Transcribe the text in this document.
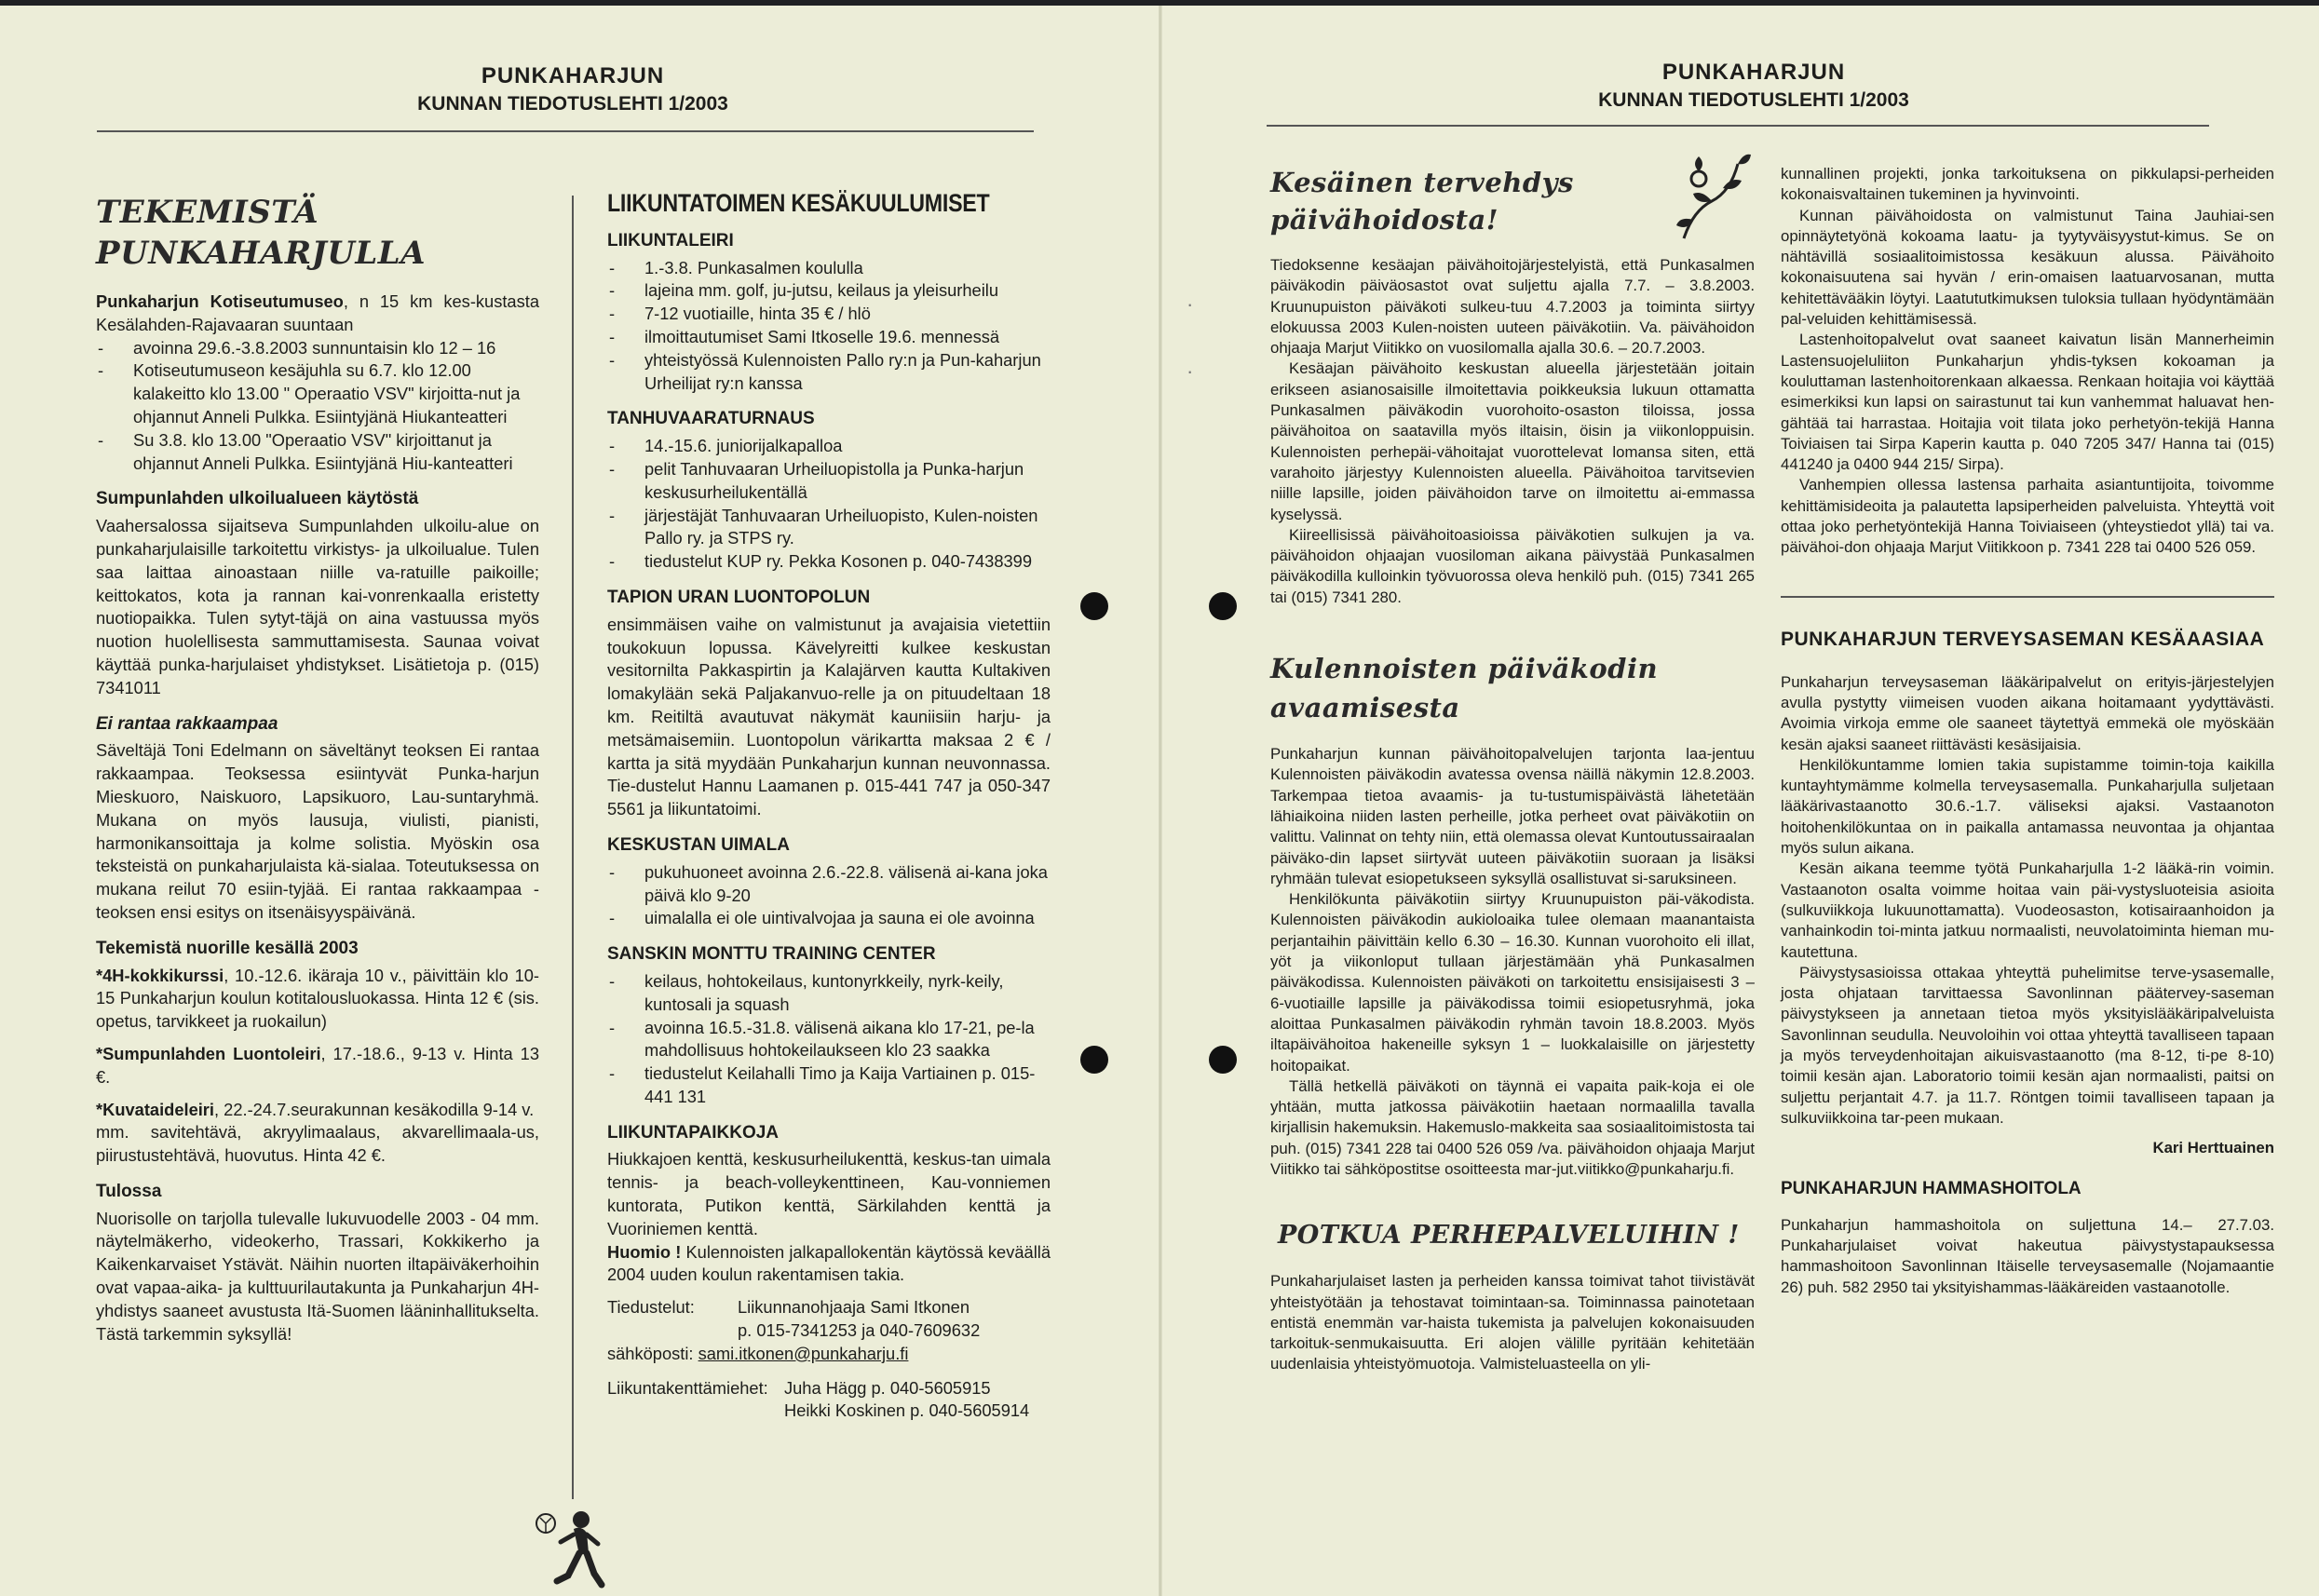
PUNKAHARJUN
KUNNAN TIEDOTUSLEHTI 1/2003
TEKEMISTÄ
PUNKAHARJULLA

Punkaharjun Kotiseutumuseo, n 15 km kes-kustasta Kesälahden-Rajavaaran suuntaan

- avoinna 29.6.-3.8.2003 sunnuntaisin klo 12 – 16
- Kotiseutumuseon kesäjuhla su 6.7. klo 12.00 kalakeitto klo 13.00 " Operaatio VSV" kirjoitta-nut ja ohjannut Anneli Pulkka. Esiintyjänä Hiukanteatteri
- Su 3.8. klo 13.00 "Operaatio VSV" kirjoittanut ja ohjannut Anneli Pulkka. Esiintyjänä Hiu-kanteatteri
Sumpunlahden ulkoilualueen käytöstä

Vaahersalossa sijaitseva Sumpunlahden ulkoilu-alue on punkaharjulaisille tarkoitettu virkistys- ja ulkoilualue. Tulen saa laittaa ainoastaan niille va-ratuille paikoille; keittokatos, kota ja rannan kai-vonrenkaalla eristetty nuotiopaikka. Tulen sytyt-täjä on aina vastuussa myös nuotion huolellisesta sammuttamisesta. Saunaa voivat käyttää punka-harjulaiset yhdistykset. Lisätietoja p. (015) 7341011

Ei rantaa rakkaampaa

Säveltäjä Toni Edelmann on säveltänyt teoksen Ei rantaa rakkaampaa. Teoksessa esiintyvät Punka-harjun Mieskuoro, Naiskuoro, Lapsikuoro, Lau-suntaryhmä. Mukana on myös lausuja, viulisti, pianisti, harmonikansoittaja ja kolme solistia. Myöskin osa teksteistä on punkaharjulaista kä-sialaa. Toteutuksessa on mukana reilut 70 esiin-tyjää. Ei rantaa rakkaampaa -teoksen ensi esitys on itsenäisyyspäivänä.

Tekemistä nuorille kesällä 2003

*4H-kokkikurssi, 10.-12.6. ikäraja 10 v., päivittäin klo 10-15 Punkaharjun koulun kotitalousluokassa. Hinta 12 € (sis. opetus, tarvikkeet ja ruokailun)

*Sumpunlahden Luontoleiri, 17.-18.6., 9-13 v. Hinta 13 €.

*Kuvataideleiri, 22.-24.7.seurakunnan kesäkodilla 9-14 v.

mm. savitehtävä, akryylimaalaus, akvarellimaala-us, piirustustehtävä, huovutus. Hinta 42 €.

Tulossa

Nuorisolle on tarjolla tulevalle lukuvuodelle 2003 - 04 mm. näytelmäkerho, videokerho, Trassari, Kokkikerho ja Kaikenkarvaiset Ystävät. Näihin nuorten iltapäiväkerhoihin ovat vapaa-aika- ja kulttuurilautakunta ja Punkaharjun 4H-yhdistys saaneet avustusta Itä-Suomen lääninhallitukselta. Tästä tarkemmin syksyllä!

LIIKUNTATOIMEN KESÄKUULUMISET
LIIKUNTALEIRI
- 1.-3.8. Punkasalmen koululla
- lajeina mm. golf, ju-jutsu, keilaus ja yleisurheilu
- 7-12 vuotiaille, hinta 35 € / hlö
- ilmoittautumiset Sami Itkoselle 19.6. mennessä
- yhteistyössä Kulennoisten Pallo ry:n ja Pun-kaharjun Urheilijat ry:n kanssa
TANHUVAARATURNAUS
- 14.-15.6. juniorijalkapalloa
- pelit Tanhuvaaran Urheiluopistolla ja Punka-harjun keskusurheilukentällä
- järjestäjät Tanhuvaaran Urheiluopisto, Kulen-noisten Pallo ry. ja STPS ry.
- tiedustelut KUP ry. Pekka Kosonen p. 040-7438399
TAPION URAN LUONTOPOLUN

ensimmäisen vaihe on valmistunut ja avajaisia vietettiin toukokuun lopussa. Kävelyreitti kulkee keskustan vesitornilta Pakkaspirtin ja Kalajärven kautta Kultakiven lomakylään sekä Paljakanvuo-relle ja on pituudeltaan 18 km. Reitiltä avautuvat näkymät kauniisiin harju- ja metsämaisemiin. Luontopolun värikartta maksaa 2 € / kartta ja sitä myydään Punkaharjun kunnan neuvonnassa. Tie-dustelut Hannu Laamanen p. 015-441 747 ja 050-347 5561 ja liikuntatoimi.

KESKUSTAN UIMALA
- pukuhuoneet avoinna 2.6.-22.8. välisenä ai-kana joka päivä klo 9-20
- uimalalla ei ole uintivalvojaa ja sauna ei ole avoinna
SANSKIN MONTTU TRAINING CENTER
- keilaus, hohtokeilaus, kuntonyrkkeily, nyrk-keily, kuntosali ja squash
- avoinna 16.5.-31.8. välisenä aikana klo 17-21, pe-la mahdollisuus hohtokeilaukseen klo 23 saakka
- tiedustelut Keilahalli Timo ja Kaija Vartiainen p. 015-441 131
LIIKUNTAPAIKKOJA

Hiukkajoen kenttä, keskusurheilukenttä, keskus-tan uimala tennis- ja beach-volleykenttineen, Kau-vonniemen kuntorata, Putikon kenttä, Särkilahden kenttä ja Vuoriniemen kenttä.

Huomio ! Kulennoisten jalkapallokentän käytössä keväällä 2004 uuden koulun rakentamisen takia.

Tiedustelut:	Liikunnanohjaaja Sami Itkonen
p. 015-7341253 ja 040-7609632
sähköposti: sami.itkonen@punkaharju.fi
Liikuntakenttämiehet: Juha Hägg p. 040-5605915
Heikki Koskinen p. 040-5605914
PUNKAHARJUN
KUNNAN TIEDOTUSLEHTI 1/2003
Kesäinen tervehdys
päivähoidosta!

Tiedoksenne kesäajan päivähoitojärjestelyistä, että Punkasalmen päiväkodin päiväosastot ovat suljettu ajalla 7.7. – 3.8.2003. Kruunupuiston päiväkoti sulkeu-tuu 4.7.2003 ja toiminta siirtyy elokuussa 2003 Kulen-noisten uuteen päiväkotiin. Va. päivähoidon ohjaaja Marjut Viitikko on vuosilomalla ajalla 30.6. – 20.7.2003.

Kesäajan päivähoito keskustan alueella järjestetään joitain erikseen asianosaisille ilmoitettavia poikkeuksia lukuun ottamatta Punkasalmen päiväkodin vuorohoito-osaston tiloissa, jossa päivähoitoa on saatavilla myös iltaisin, öisin ja viikonloppuisin. Kulennoisten perhepäi-vähoitajat vuorottelevat lomansa siten, että varahoito järjestyy Kulennoisten alueella. Päivähoitoa tarvitsevien niille lapsille, joiden päivähoidon tarve on ilmoitettu ai-emmassa kyselyssä.

Kiireellisissä päivähoitoasioissa päiväkotien sulkujen ja va. päivähoidon ohjaajan vuosiloman aikana päivystää Punkasalmen päiväkodilla kulloinkin työvuorossa oleva henkilö puh. (015) 7341 265 tai (015) 7341 280.

Kulennoisten päiväkodin
avaamisesta

Punkaharjun kunnan päivähoitopalvelujen tarjonta laa-jentuu Kulennoisten päiväkodin avatessa ovensa näillä näkymin 12.8.2003. Tarkempaa tietoa avaamis- ja tu-tustumispäivästä lähetetään lähiaikoina niiden lasten perheille, jotka perheet ovat päiväkotiin on valittu. Valinnat on tehty niin, että olemassa olevat Kuntoutussairaalan päiväko-din lapset siirtyvät uuteen päiväkotiin suoraan ja lisäksi ryhmään tulevat esiopetukseen syksyllä osallistuvat si-saruksineen.

Henkilökunta päiväkotiin siirtyy Kruunupuiston päi-väkodista. Kulennoisten päiväkodin aukioloaika tulee olemaan maanantaista perjantaihin päivittäin kello 6.30 – 16.30. Kunnan vuorohoito eli illat, yöt ja viikonloput tullaan järjestämään yhä Punkasalmen päiväkodissa. Kulennoisten päiväkoti on tarkoitettu ensisijaisesti 3 – 6-vuotiaille lapsille ja päiväkodissa toimii esiopetusryhmä, joka aloittaa Punkasalmen päiväkodin ryhmän tavoin 18.8.2003. Myös iltapäivähoitoa hakeneille syksyn 1 – luokkalaisille on järjestetty hoitopaikat.

Tällä hetkellä päiväkoti on täynnä ei vapaita paik-koja ei ole yhtään, mutta jatkossa päiväkotiin haetaan normaalilla tavalla kirjallisin hakemuksin. Hakemuslo-makkeita saa sosiaalitoimistosta tai puh. (015) 7341 228 tai 0400 526 059 /va. päivähoidon ohjaaja Marjut Viitikko tai sähköpostitse osoitteesta mar-jut.viitikko@punkaharju.fi.

POTKUA PERHEPALVELUIHIN !

Punkaharjulaiset lasten ja perheiden kanssa toimivat tahot tiivistävät yhteistyötään ja tehostavat toimintaan-sa. Toiminnassa painotetaan entistä enemmän var-haista tukemista ja palvelujen kokonaisuuden tarkoituk-senmukaisuutta. Eri alojen välille pyritään kehitetään uudenlaisia yhteistyömuotoja. Valmisteluasteella on yli-

·
·

kunnallinen projekti, jonka tarkoituksena on pikkulapsi-perheiden kokonaisvaltainen tukeminen ja hyvinvointi.

Kunnan päivähoidosta on valmistunut Taina Jauhiai-sen opinnäytetyönä kokoama laatu- ja tyytyväisyystut-kimus. Se on nähtävillä sosiaalitoimistossa kesäkuun alussa. Päivähoito kokonaisuutena sai hyvän / erin-omaisen laatuarvosanan, mutta kehitettävääkin löytyi. Laatututkimuksen tuloksia tullaan hyödyntämään pal-veluiden kehittämisessä.

Lastenhoitopalvelut ovat saaneet kaivatun lisän Mannerheimin Lastensuojeluliiton Punkaharjun yhdis-tyksen kokoaman ja kouluttaman lastenhoitorenkaan alkaessa. Renkaan hoitajia voi käyttää esimerkiksi kun lapsi on sairastunut tai kun vanhemmat haluavat hen-gähtää tai harrastaa. Hoitajia voit tilata joko perhetyön-tekijä Hanna Toiviaisen tai Sirpa Kaperin kautta p. 040 7205 347/ Hanna tai (015) 441240 ja 0400 944 215/ Sirpa).

Vanhempien ollessa lastensa parhaita asiantuntijoita, toivomme kehittämisideoita ja palautetta lapsiperheiden palveluista. Yhteyttä voit ottaa joko perhetyöntekijä Hanna Toiviaiseen (yhteystiedot yllä) tai va. päivähoi-don ohjaaja Marjut Viitikkoon p. 7341 228 tai 0400 526 059.

PUNKAHARJUN TERVEYSASEMAN KESÄAASIAA

Punkaharjun terveysaseman lääkäripalvelut on erityis-järjestelyjen avulla pystytty viimeisen vuoden aikana hoitamaant yydyttävästi. Avoimia virkoja emme ole saaneet täytettyä emmekä ole myöskään kesän ajaksi saaneet riittävästi kesäsijaisia.

Henkilökuntamme lomien takia supistamme toimin-toja kaikilla kuntayhtymämme kolmella terveysasemalla. Punkaharjulla suljetaan lääkärivastaanotto 30.6.-1.7. väliseksi ajaksi. Vastaanoton hoitohenkilökuntaa on in paikalla antamassa neuvontaa ja ohjantaa myös sulun aikana.

Kesän aikana teemme työtä Punkaharjulla 1-2 lääkä-rin voimin. Vastaanoton osalta voimme hoitaa vain päi-vystysluoteisia asioita (sulkuviikkoja lukuunottamatta). Vuodeosaston, kotisairaanhoidon ja vanhainkodin toi-minta jatkuu normaalisti, neuvolatoiminta hieman mu-kautettuna.

Päivystysasioissa ottakaa yhteyttä puhelimitse terve-ysasemalle, josta ohjataan tarvittaessa Savonlinnan päätervey-saseman päivystykseen ja annetaan tietoa myös yksityislääkäripalveluista Savonlinnan seudulla. Neuvoloihin voi ottaa yhteyttä tavalliseen tapaan ja myös terveydenhoitajan aikuisvastaanotto (ma 8-12, ti-pe 8-10) toimii kesän ajan. Laboratorio toimii kesän ajan normaalisti, paitsi on suljettu perjantait 4.7. ja 11.7. Röntgen toimii tavalliseen tapaan ja sulkuviikkoina tar-peen mukaan.

Kari Herttuainen
PUNKAHARJUN HAMMASHOITOLA

Punkaharjun hammashoitola on suljettuna 14.– 27.7.03. Punkaharjulaiset voivat hakeutua päivystystapauksessa hammashoitoon Savonlinnan Itäiselle terveysasemalle (Nojamaantie 26) puh. 582 2950 tai yksityishammas-lääkäreiden vastaanotolle.
